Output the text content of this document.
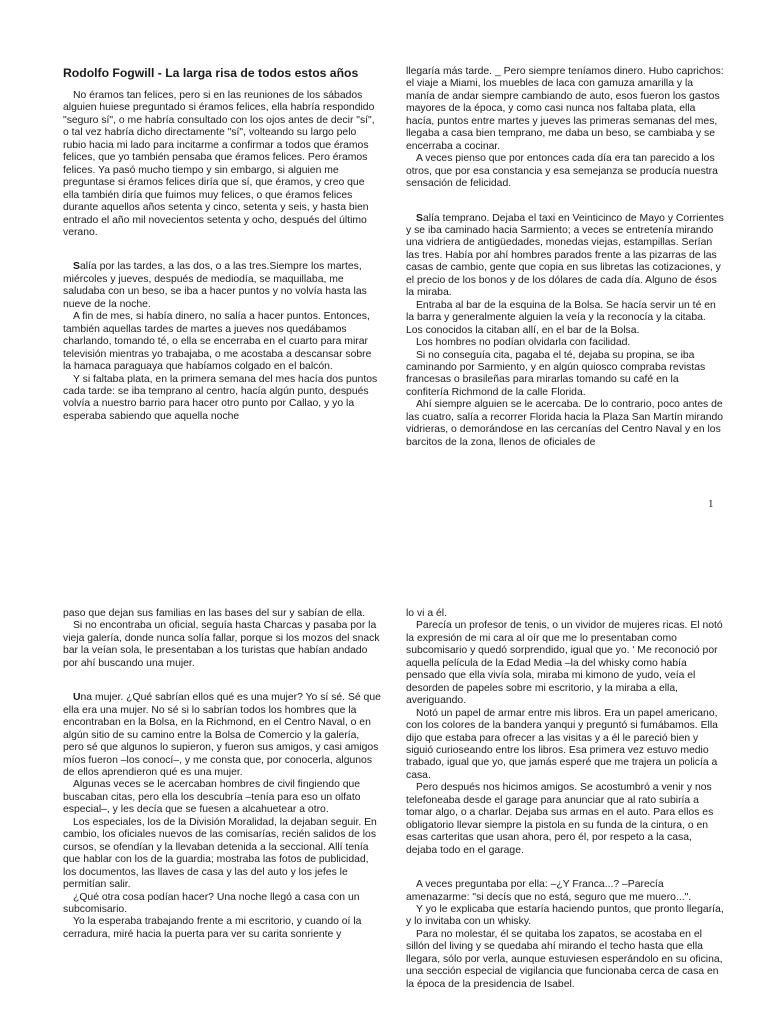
Rodolfo Fogwill - La larga risa de todos estos años

No éramos tan felices, pero si en las reuniones de los sábados alguien huiese preguntado si éramos felices, ella habría respondido "seguro sí", o me habría consultado con los ojos antes de decir "sí", o tal vez habría dicho directamente "sí", volteando su largo pelo rubio hacia mi lado para incitarme a confirmar a todos que éramos felices, que yo también pensaba que éramos felices. Pero éramos felices. Ya pasó mucho tiempo y sin embargo, si alguien me preguntase si éramos felices diría que sí, que éramos, y creo que ella también diría que fuimos muy felices, o que éramos felices durante aquellos años setenta y cinco, setenta y seis, y hasta bien entrado el año mil novecientos setenta y ocho, después del último verano.

Salía por las tardes, a las dos, o a las tres.Siempre los martes, miércoles y jueves, después de mediodía, se maquillaba, me saludaba con un beso, se iba a hacer puntos y no volvía hasta las nueve de la noche.

A fin de mes, si había dinero, no salía a hacer puntos. Entonces, también aquellas tardes de martes a jueves nos quedábamos charlando, tomando té, o ella se encerraba en el cuarto para mirar televisión mientras yo trabajaba, o me acostaba a descansar sobre la hamaca paraguaya que habíamos colgado en el balcón.

Y si faltaba plata, en la primera semana del mes hacía dos puntos cada tarde: se iba temprano al centro, hacía algún punto, después volvía a nuestro barrio para hacer otro punto por Callao, y yo la esperaba sabiendo que aquella noche

llegaría más tarde. _ Pero siempre teníamos dinero. Hubo caprichos: el viaje a Miami, los muebles de laca con gamuza amarilla y la manía de andar siempre cambiando de auto, esos fueron los gastos mayores de la época, y como casi nunca nos faltaba plata, ella hacía, puntos entre martes y jueves las primeras semanas del mes, llegaba a casa bien temprano, me daba un beso, se cambiaba y se encerraba a cocinar.

A veces pienso que por entonces cada día era tan parecido a los otros, que por esa constancia y esa semejanza se producía nuestra sensación de felicidad.

Salía temprano. Dejaba el taxi en Veinticinco de Mayo y Corrientes y se iba caminado hacia Sarmiento; a veces se entretenía mirando una vidriera de antigüedades, monedas viejas, estampillas. Serían las tres. Había por ahí hombres parados frente a las pizarras de las casas de cambio, gente que copia en sus libretas las cotizaciones, y el precio de los bonos y de los dólares de cada día. Alguno de ésos la miraba.

Entraba al bar de la esquina de la Bolsa. Se hacía servir un té en la barra y generalmente alguien la veía y la reconocía y la citaba. Los conocidos la citaban allí, en el bar de la Bolsa.

Los hombres no podían olvidarla con facilidad.

Si no conseguía cita, pagaba el té, dejaba su propina, se iba caminando por Sarmiento, y en algún quiosco compraba revistas francesas o brasileñas para mirarlas tomando su café en la confitería Richmond de la calle Florida.

Ahí siempre alguien se le acercaba. De lo contrario, poco antes de las cuatro, salía a recorrer Florida hacia la Plaza San Martín mirando vidrieras, o demorándose en las cercanías del Centro Naval y en los barcitos de la zona, llenos de oficiales de

1

paso que dejan sus familias en las bases del sur y sabían de ella.

Si no encontraba un oficial, seguía hasta Charcas y pasaba por la vieja galería, donde nunca solía fallar, porque si los mozos del snack bar la veían sola, le presentaban a los turistas que habían andado por ahí buscando una mujer.

Una mujer. ¿Qué sabrían ellos qué es una mujer? Yo sí sé. Sé que ella era una mujer. No sé si lo sabrían todos los hombres que la encontraban en la Bolsa, en la Richmond, en el Centro Naval, o en algún sitio de su camino entre la Bolsa de Comercio y la galería, pero sé que algunos lo supieron, y fueron sus amigos, y casi amigos míos fueron –los conocí–, y me consta que, por conocerla, algunos de ellos aprendieron qué es una mujer.

Algunas veces se le acercaban hombres de civil fingiendo que buscaban citas, pero ella los descubría –tenía para eso un olfato especial–, y les decía que se fuesen a alcahuetear a otro.

Los especiales, los de la División Moralidad, la dejaban seguir. En cambio, los oficiales nuevos de las comisarías, recién salidos de los cursos, se ofendían y la llevaban detenida a la seccional. Allí tenía que hablar con los de la guardia; mostraba las fotos de publicidad, los documentos, las llaves de casa y las del auto y los jefes le permitían salir.

¿Qué otra cosa podían hacer? Una noche llegó a casa con un subcomisario.

Yo la esperaba trabajando frente a mi escritorio, y cuando oí la cerradura, miré hacia la puerta para ver su carita sonriente y

lo vi a él.

Parecía un profesor de tenis, o un vividor de mujeres ricas. El notó la expresión de mi cara al oír que me lo presentaban como subcomisario y quedó sorprendido, igual que yo. ' Me reconoció por aquella película de la Edad Media –la del whisky como había pensado que ella vivía sola, miraba mi kimono de yudo, veía el desorden de papeles sobre mi escritorio, y la miraba a ella, averiguando.

Notó un papel de armar entre mis libros. Era un papel americano, con los colores de la bandera yanqui y preguntó si fumábamos. Ella dijo que estaba para ofrecer a las visitas y a él le pareció bien y siguió curioseando entre los libros. Esa primera vez estuvo medio trabado, igual que yo, que jamás esperé que me trajera un policía a casa.

Pero después nos hicimos amigos. Se acostumbró a venir y nos telefoneaba desde el garage para anunciar que al rato subiría a tomar algo, o a charlar. Dejaba sus armas en el auto. Para ellos es obligatorio llevar siempre la pistola en su funda de la cintura, o en esas carteritas que usan ahora, pero él, por respeto a la casa, dejaba todo en el garage.

A veces preguntaba por ella: –¿Y Franca...? –Parecía amenazarme: "si decís que no está, seguro que me muero...".

Y yo le explicaba que estaría haciendo puntos, que pronto llegaría, y lo invitaba con un whisky.

Para no molestar, él se quitaba los zapatos, se acostaba en el sillón del living y se quedaba ahí mirando el techo hasta que ella llegara, sólo por verla, aunque estuviesen esperándolo en su oficina, una sección especial de vigilancia que funcionaba cerca de casa en la época de la presidencia de Isabel.
